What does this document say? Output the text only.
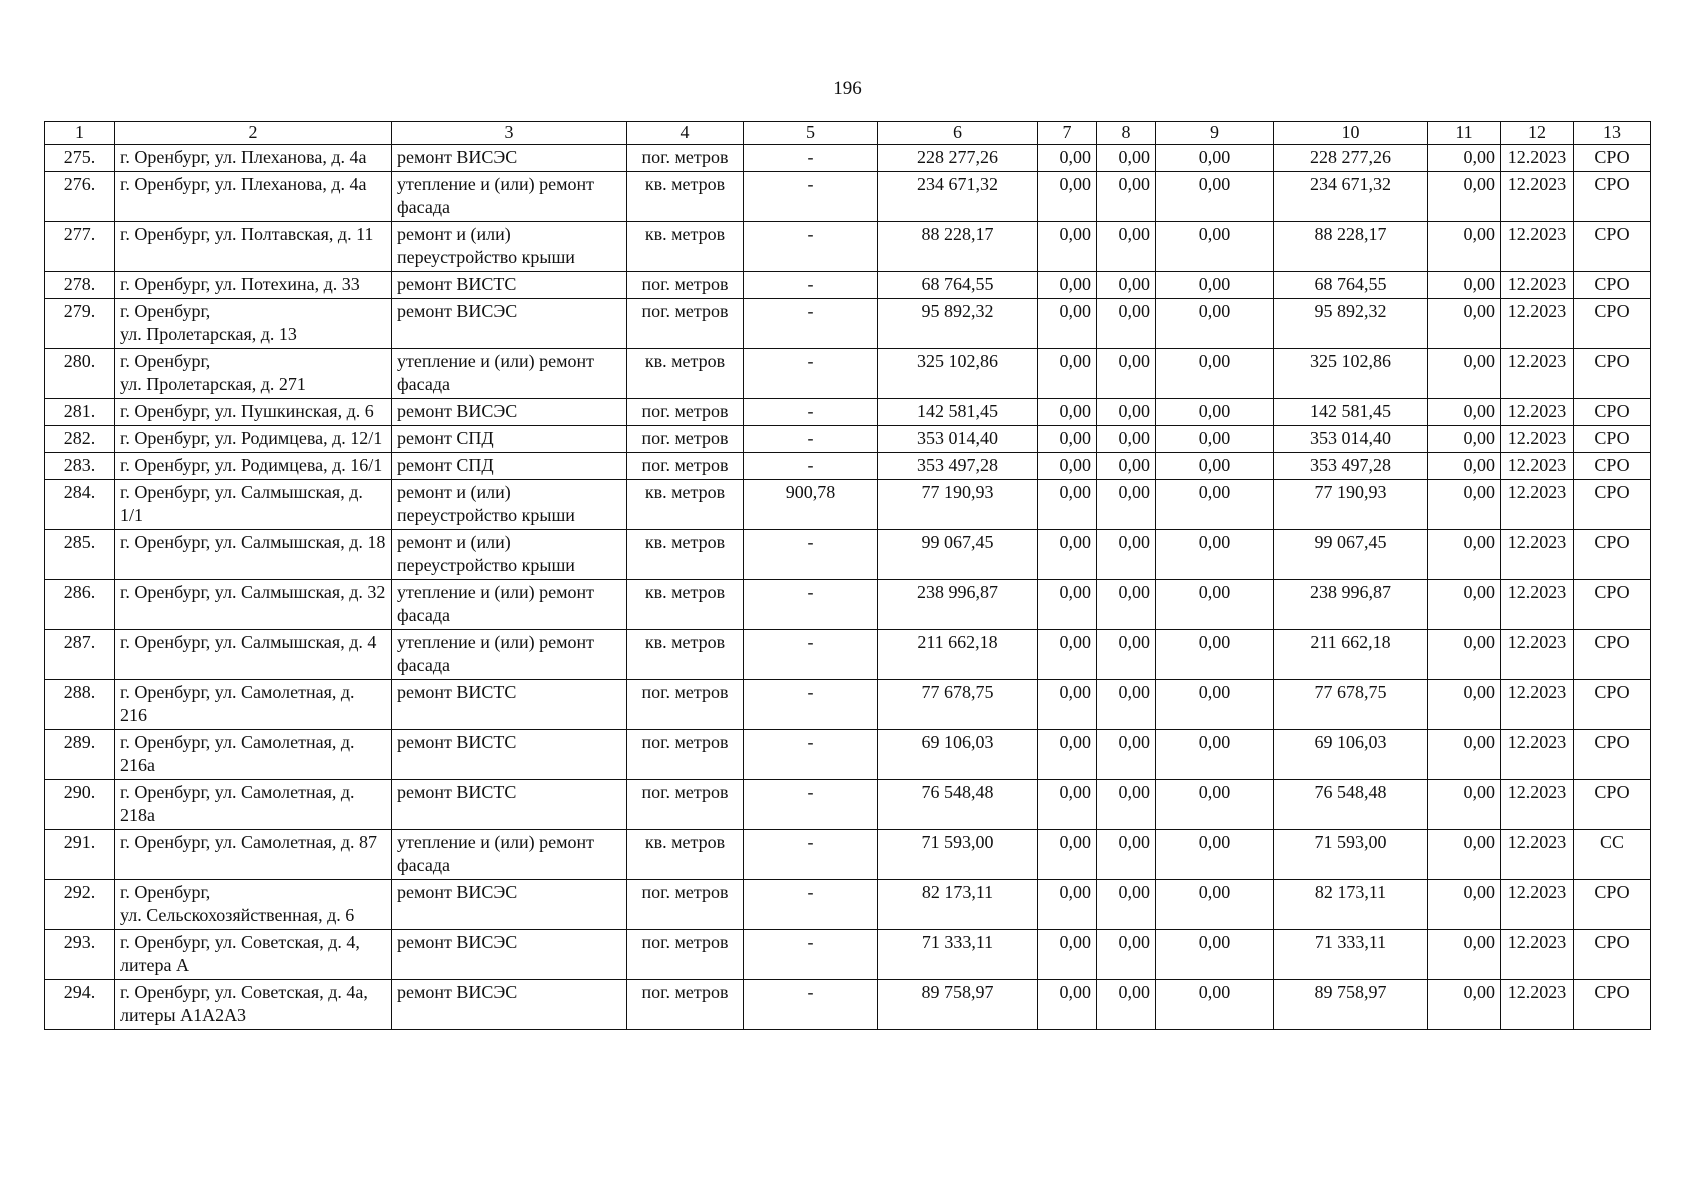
196
1	2	3	4	5	6	7	8	9	10	11	12	13
275.	г. Оренбург, ул. Плеханова, д. 4а	ремонт ВИСЭС	пог. метров	-	228 277,26	0,00	0,00	0,00	228 277,26	0,00	12.2023	СРО
276.	г. Оренбург, ул. Плеханова, д. 4а	утепление и (или) ремонт фасада	кв. метров	-	234 671,32	0,00	0,00	0,00	234 671,32	0,00	12.2023	СРО
277.	г. Оренбург, ул. Полтавская, д. 11	ремонт и (или) переустройство крыши	кв. метров	-	88 228,17	0,00	0,00	0,00	88 228,17	0,00	12.2023	СРО
278.	г. Оренбург, ул. Потехина, д. 33	ремонт ВИСТС	пог. метров	-	68 764,55	0,00	0,00	0,00	68 764,55	0,00	12.2023	СРО
279.	г. Оренбург,
ул. Пролетарская, д. 13	ремонт ВИСЭС	пог. метров	-	95 892,32	0,00	0,00	0,00	95 892,32	0,00	12.2023	СРО
280.	г. Оренбург,
ул. Пролетарская, д. 271	утепление и (или) ремонт фасада	кв. метров	-	325 102,86	0,00	0,00	0,00	325 102,86	0,00	12.2023	СРО
281.	г. Оренбург, ул. Пушкинская, д. 6	ремонт ВИСЭС	пог. метров	-	142 581,45	0,00	0,00	0,00	142 581,45	0,00	12.2023	СРО
282.	г. Оренбург, ул. Родимцева, д. 12/1	ремонт СПД	пог. метров	-	353 014,40	0,00	0,00	0,00	353 014,40	0,00	12.2023	СРО
283.	г. Оренбург, ул. Родимцева, д. 16/1	ремонт СПД	пог. метров	-	353 497,28	0,00	0,00	0,00	353 497,28	0,00	12.2023	СРО
284.	г. Оренбург, ул. Салмышская, д. 1/1	ремонт и (или) переустройство крыши	кв. метров	900,78	77 190,93	0,00	0,00	0,00	77 190,93	0,00	12.2023	СРО
285.	г. Оренбург, ул. Салмышская, д. 18	ремонт и (или) переустройство крыши	кв. метров	-	99 067,45	0,00	0,00	0,00	99 067,45	0,00	12.2023	СРО
286.	г. Оренбург, ул. Салмышская, д. 32	утепление и (или) ремонт фасада	кв. метров	-	238 996,87	0,00	0,00	0,00	238 996,87	0,00	12.2023	СРО
287.	г. Оренбург, ул. Салмышская, д. 4	утепление и (или) ремонт фасада	кв. метров	-	211 662,18	0,00	0,00	0,00	211 662,18	0,00	12.2023	СРО
288.	г. Оренбург, ул. Самолетная, д. 216	ремонт ВИСТС	пог. метров	-	77 678,75	0,00	0,00	0,00	77 678,75	0,00	12.2023	СРО
289.	г. Оренбург, ул. Самолетная, д. 216а	ремонт ВИСТС	пог. метров	-	69 106,03	0,00	0,00	0,00	69 106,03	0,00	12.2023	СРО
290.	г. Оренбург, ул. Самолетная, д. 218а	ремонт ВИСТС	пог. метров	-	76 548,48	0,00	0,00	0,00	76 548,48	0,00	12.2023	СРО
291.	г. Оренбург, ул. Самолетная, д. 87	утепление и (или) ремонт фасада	кв. метров	-	71 593,00	0,00	0,00	0,00	71 593,00	0,00	12.2023	СС
292.	г. Оренбург,
ул. Сельскохозяйственная, д. 6	ремонт ВИСЭС	пог. метров	-	82 173,11	0,00	0,00	0,00	82 173,11	0,00	12.2023	СРО
293.	г. Оренбург, ул. Советская, д. 4, литера А	ремонт ВИСЭС	пог. метров	-	71 333,11	0,00	0,00	0,00	71 333,11	0,00	12.2023	СРО
294.	г. Оренбург, ул. Советская, д. 4а, литеры А1А2А3	ремонт ВИСЭС	пог. метров	-	89 758,97	0,00	0,00	0,00	89 758,97	0,00	12.2023	СРО
